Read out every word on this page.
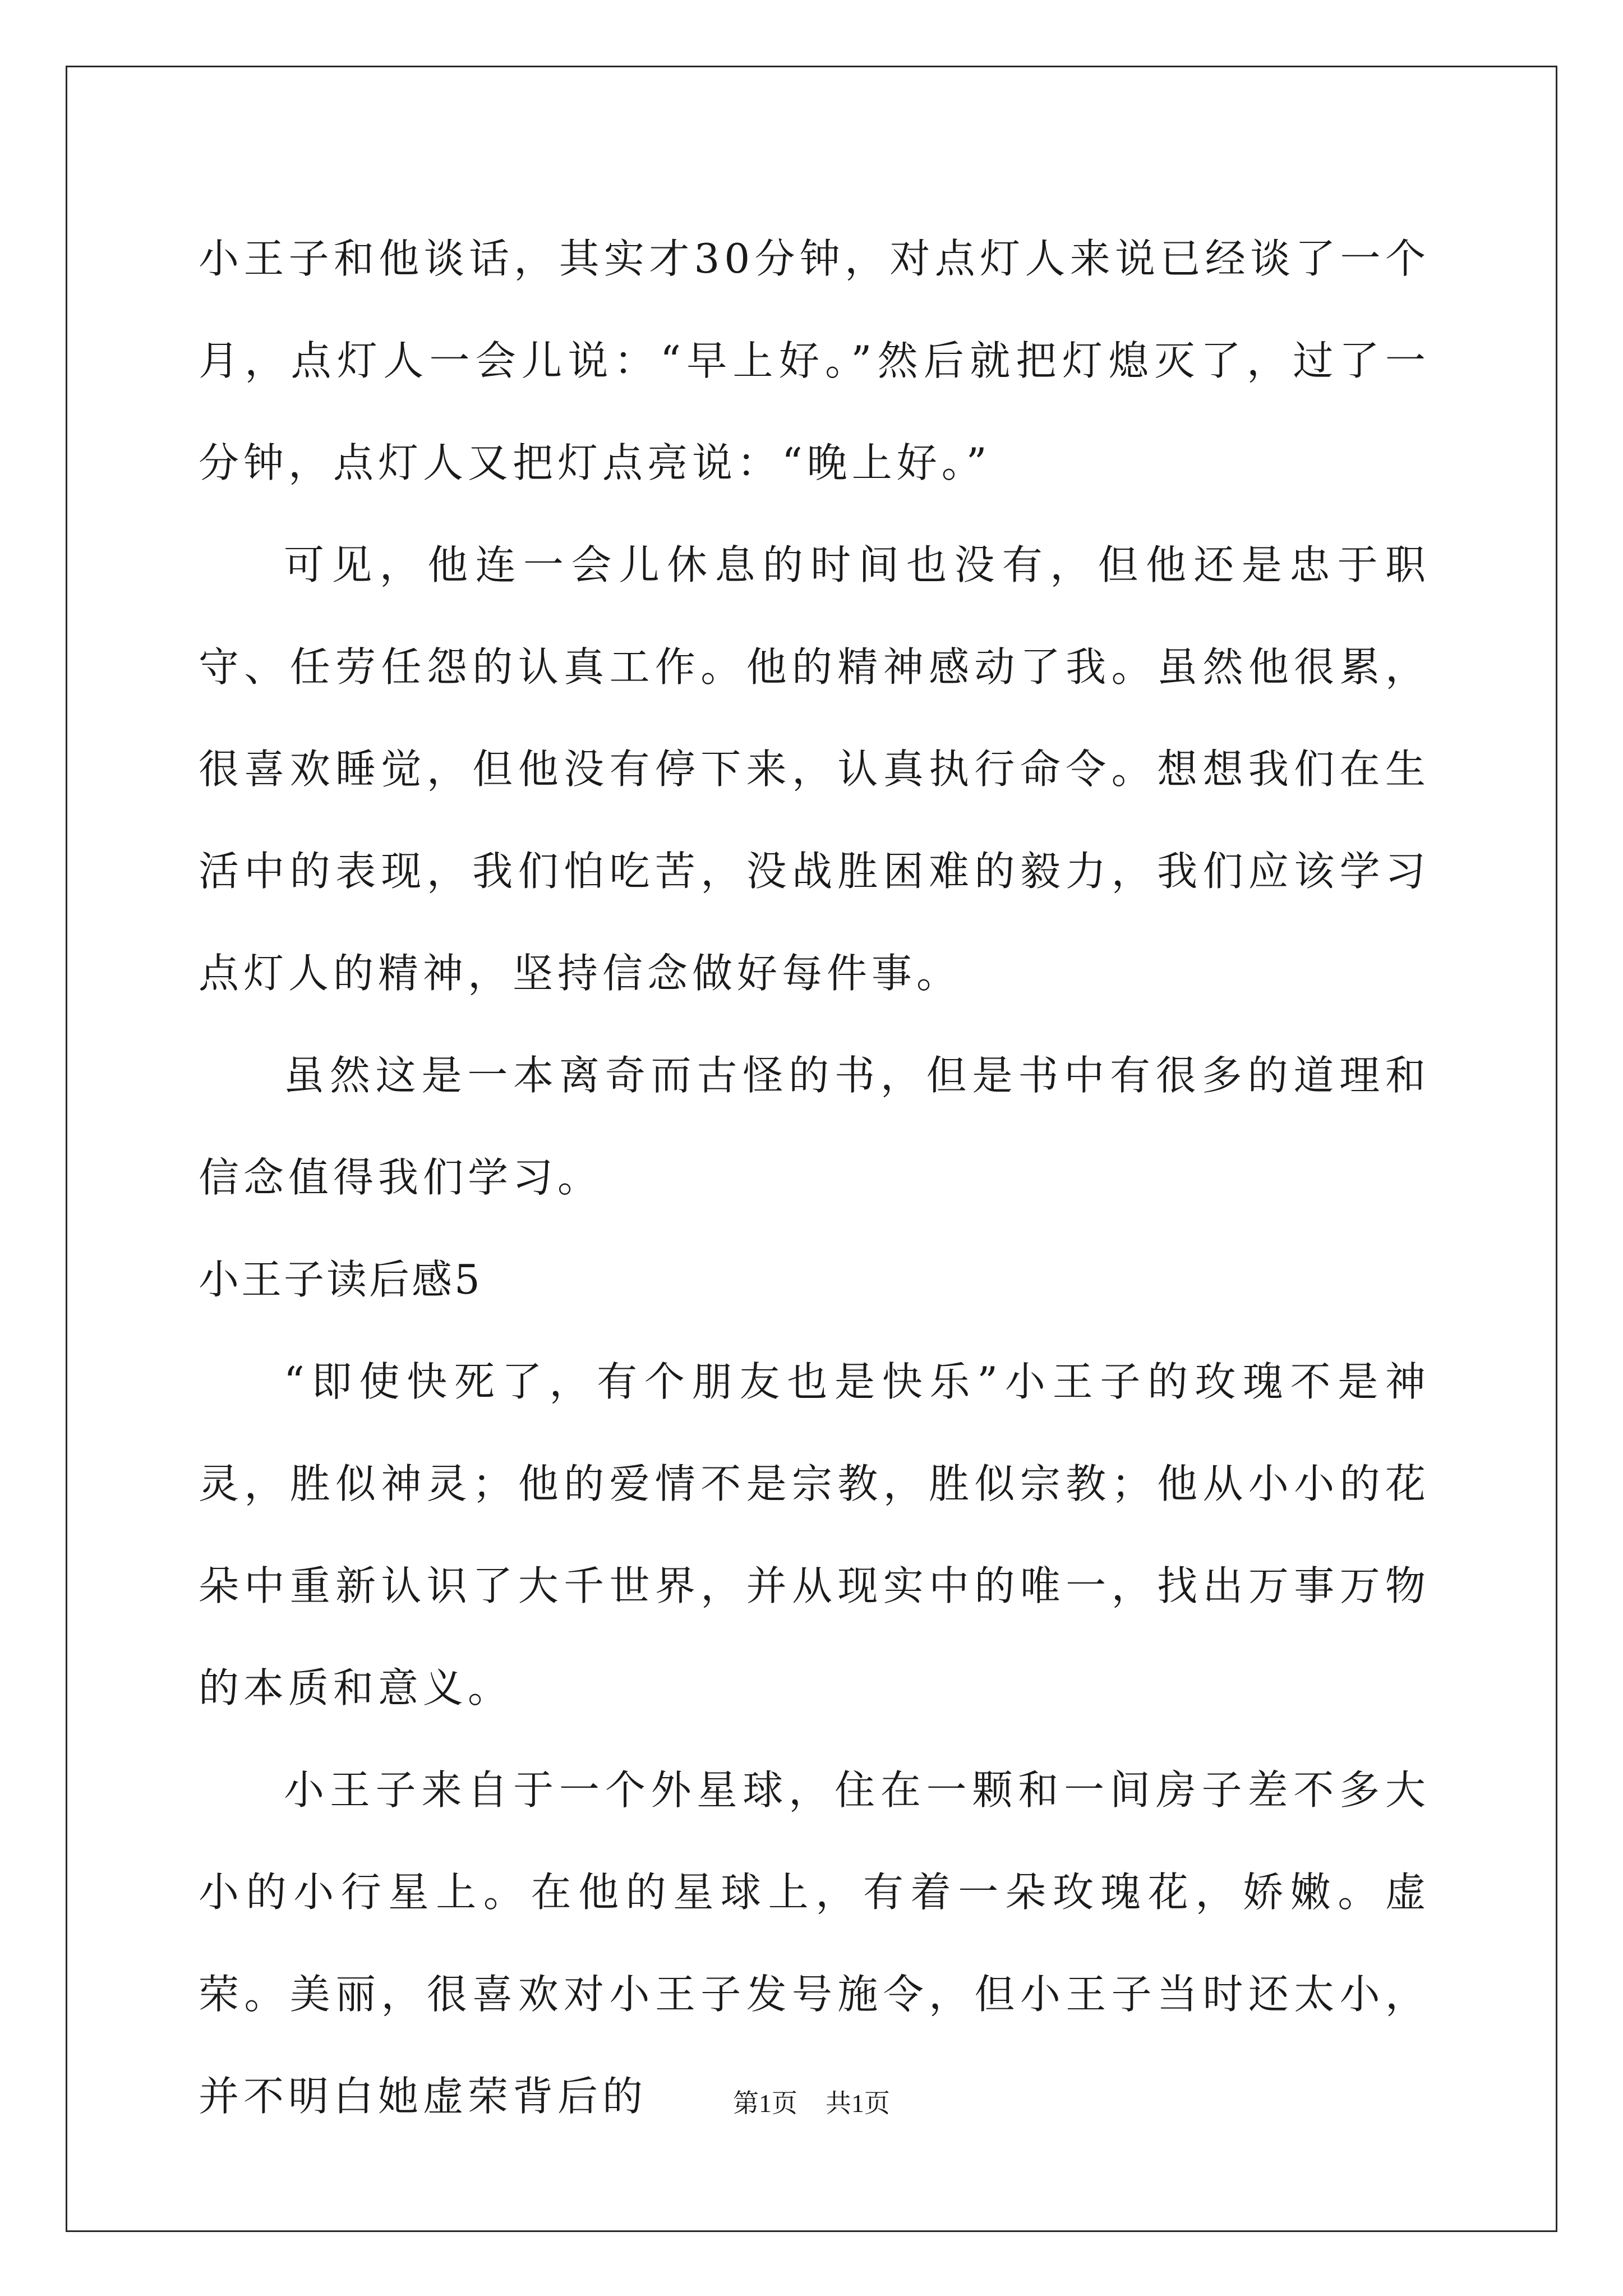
小王子和他谈话，其实才30分钟，对点灯人来说已经谈了一个月，点灯人一会儿说：“早上好。”然后就把灯熄灭了，过了一分钟，点灯人又把灯点亮说：“晚上好。”

可见，他连一会儿休息的时间也没有，但他还是忠于职守、任劳任怨的认真工作。他的精神感动了我。虽然他很累，很喜欢睡觉，但他没有停下来，认真执行命令。想想我们在生活中的表现，我们怕吃苦，没战胜困难的毅力，我们应该学习点灯人的精神，坚持信念做好每件事。

虽然这是一本离奇而古怪的书，但是书中有很多的道理和信念值得我们学习。

小王子读后感5

“即使快死了，有个朋友也是快乐”小王子的玫瑰不是神灵，胜似神灵；他的爱情不是宗教，胜似宗教；他从小小的花朵中重新认识了大千世界，并从现实中的唯一，找出万事万物的本质和意义。

小王子来自于一个外星球，住在一颗和一间房子差不多大小的小行星上。在他的星球上，有着一朵玫瑰花，娇嫩。虚荣。美丽，很喜欢对小王子发号施令，但小王子当时还太小，并不明白她虚荣背后的	第1页 共1页
